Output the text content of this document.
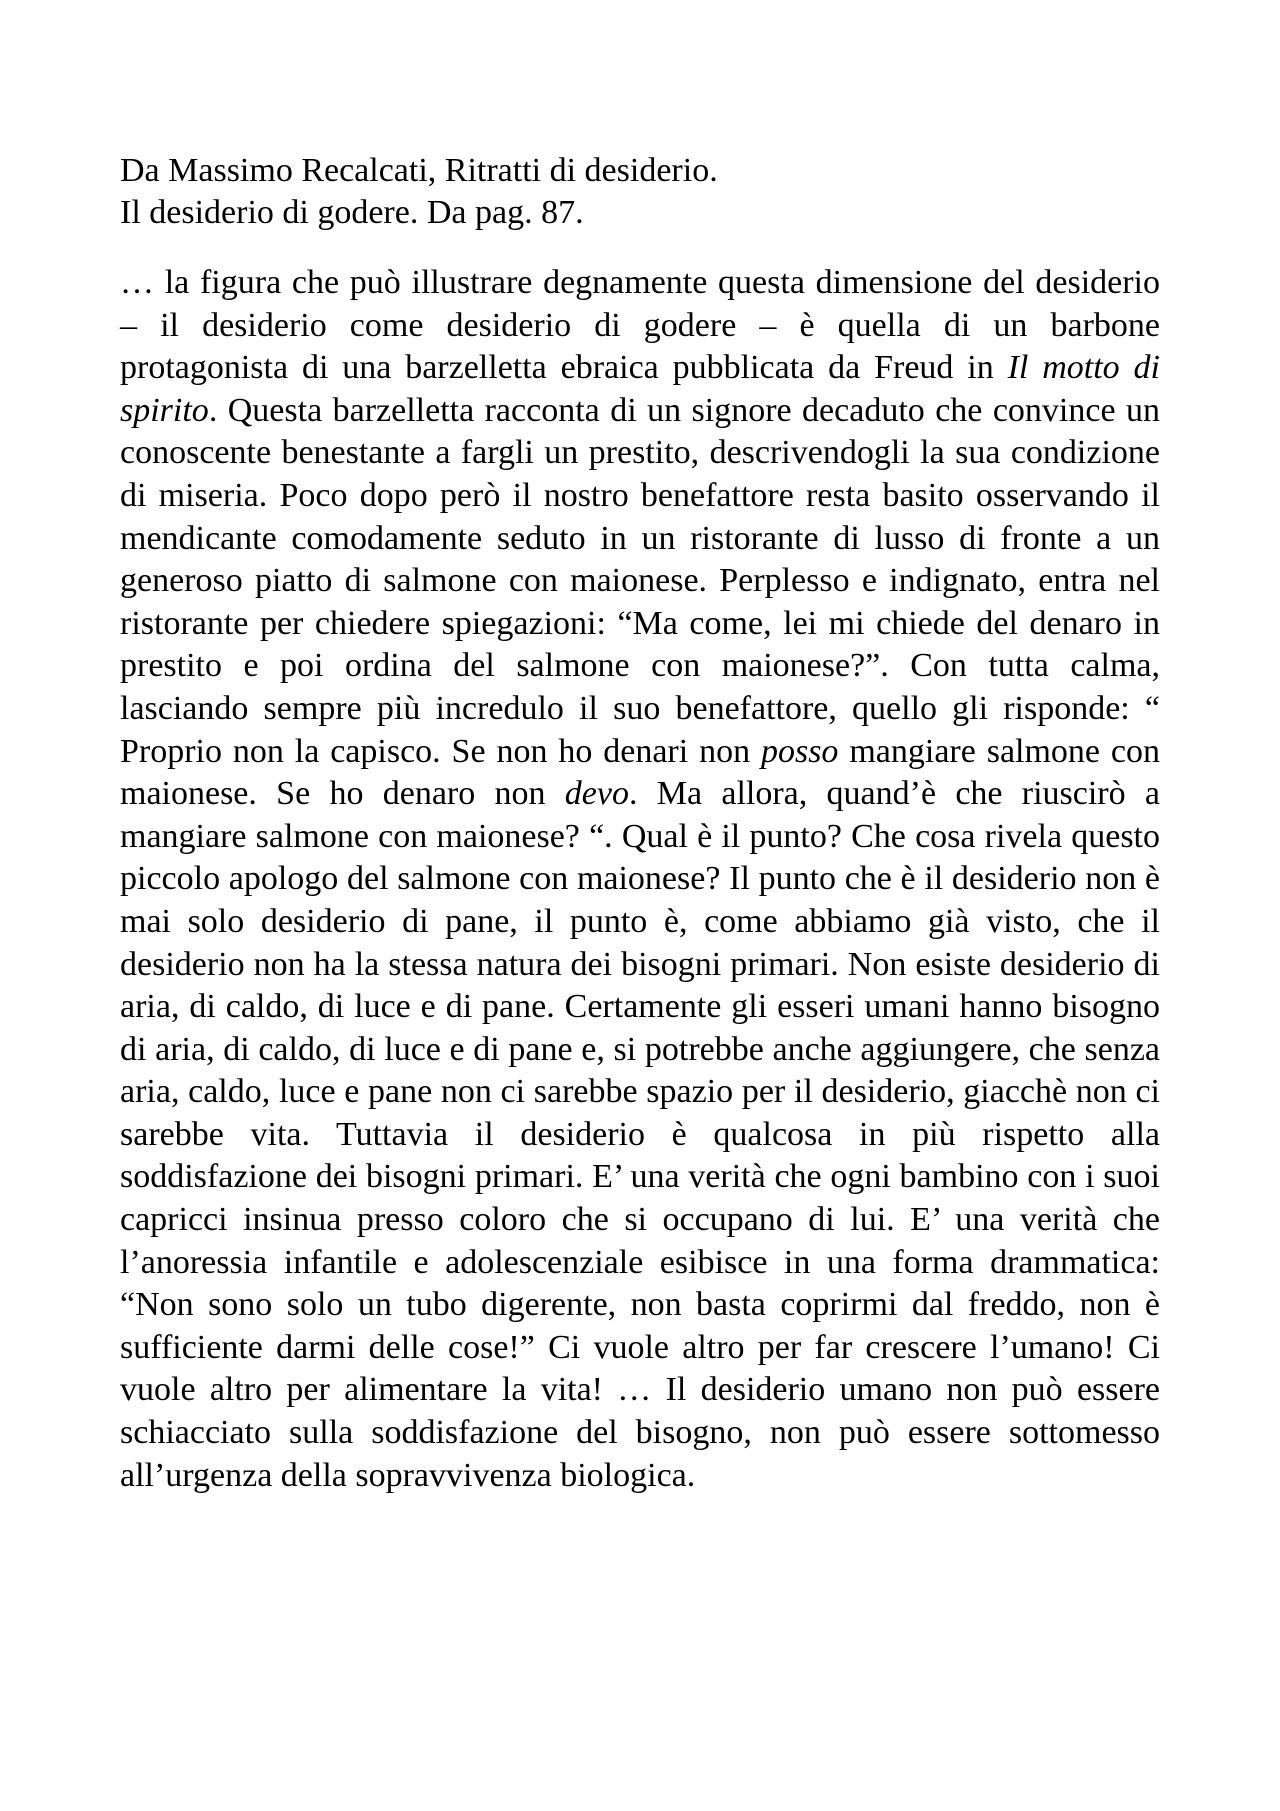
Da Massimo Recalcati, Ritratti di desiderio.
Il desiderio di godere. Da pag. 87.

… la figura che può illustrare degnamente questa dimensione del desiderio – il desiderio come desiderio di godere – è quella di un barbone protagonista di una barzelletta ebraica pubblicata da Freud in Il motto di spirito. Questa barzelletta racconta di un signore decaduto che convince un conoscente benestante a fargli un prestito, descrivendogli la sua condizione di miseria. Poco dopo però il nostro benefattore resta basito osservando il mendicante comodamente seduto in un ristorante di lusso di fronte a un generoso piatto di salmone con maionese. Perplesso e indignato, entra nel ristorante per chiedere spiegazioni: “Ma come, lei mi chiede del denaro in prestito e poi ordina del salmone con maionese?”. Con tutta calma, lasciando sempre più incredulo il suo benefattore, quello gli risponde: “ Proprio non la capisco. Se non ho denari non posso mangiare salmone con maionese. Se ho denaro non devo. Ma allora, quand’è che riuscirò a mangiare salmone con maionese? “. Qual è il punto? Che cosa rivela questo piccolo apologo del salmone con maionese? Il punto che è il desiderio non è mai solo desiderio di pane, il punto è, come abbiamo già visto, che il desiderio non ha la stessa natura dei bisogni primari. Non esiste desiderio di aria, di caldo, di luce e di pane. Certamente gli esseri umani hanno bisogno di aria, di caldo, di luce e di pane e, si potrebbe anche aggiungere, che senza aria, caldo, luce e pane non ci sarebbe spazio per il desiderio, giacchè non ci sarebbe vita. Tuttavia il desiderio è qualcosa in più rispetto alla soddisfazione dei bisogni primari. E’ una verità che ogni bambino con i suoi capricci insinua presso coloro che si occupano di lui. E’ una verità che l’anoressia infantile e adolescenziale esibisce in una forma drammatica: “Non sono solo un tubo digerente, non basta coprirmi dal freddo, non è sufficiente darmi delle cose!” Ci vuole altro per far crescere l’umano! Ci vuole altro per alimentare la vita! … Il desiderio umano non può essere schiacciato sulla soddisfazione del bisogno, non può essere sottomesso all’urgenza della sopravvivenza biologica.
